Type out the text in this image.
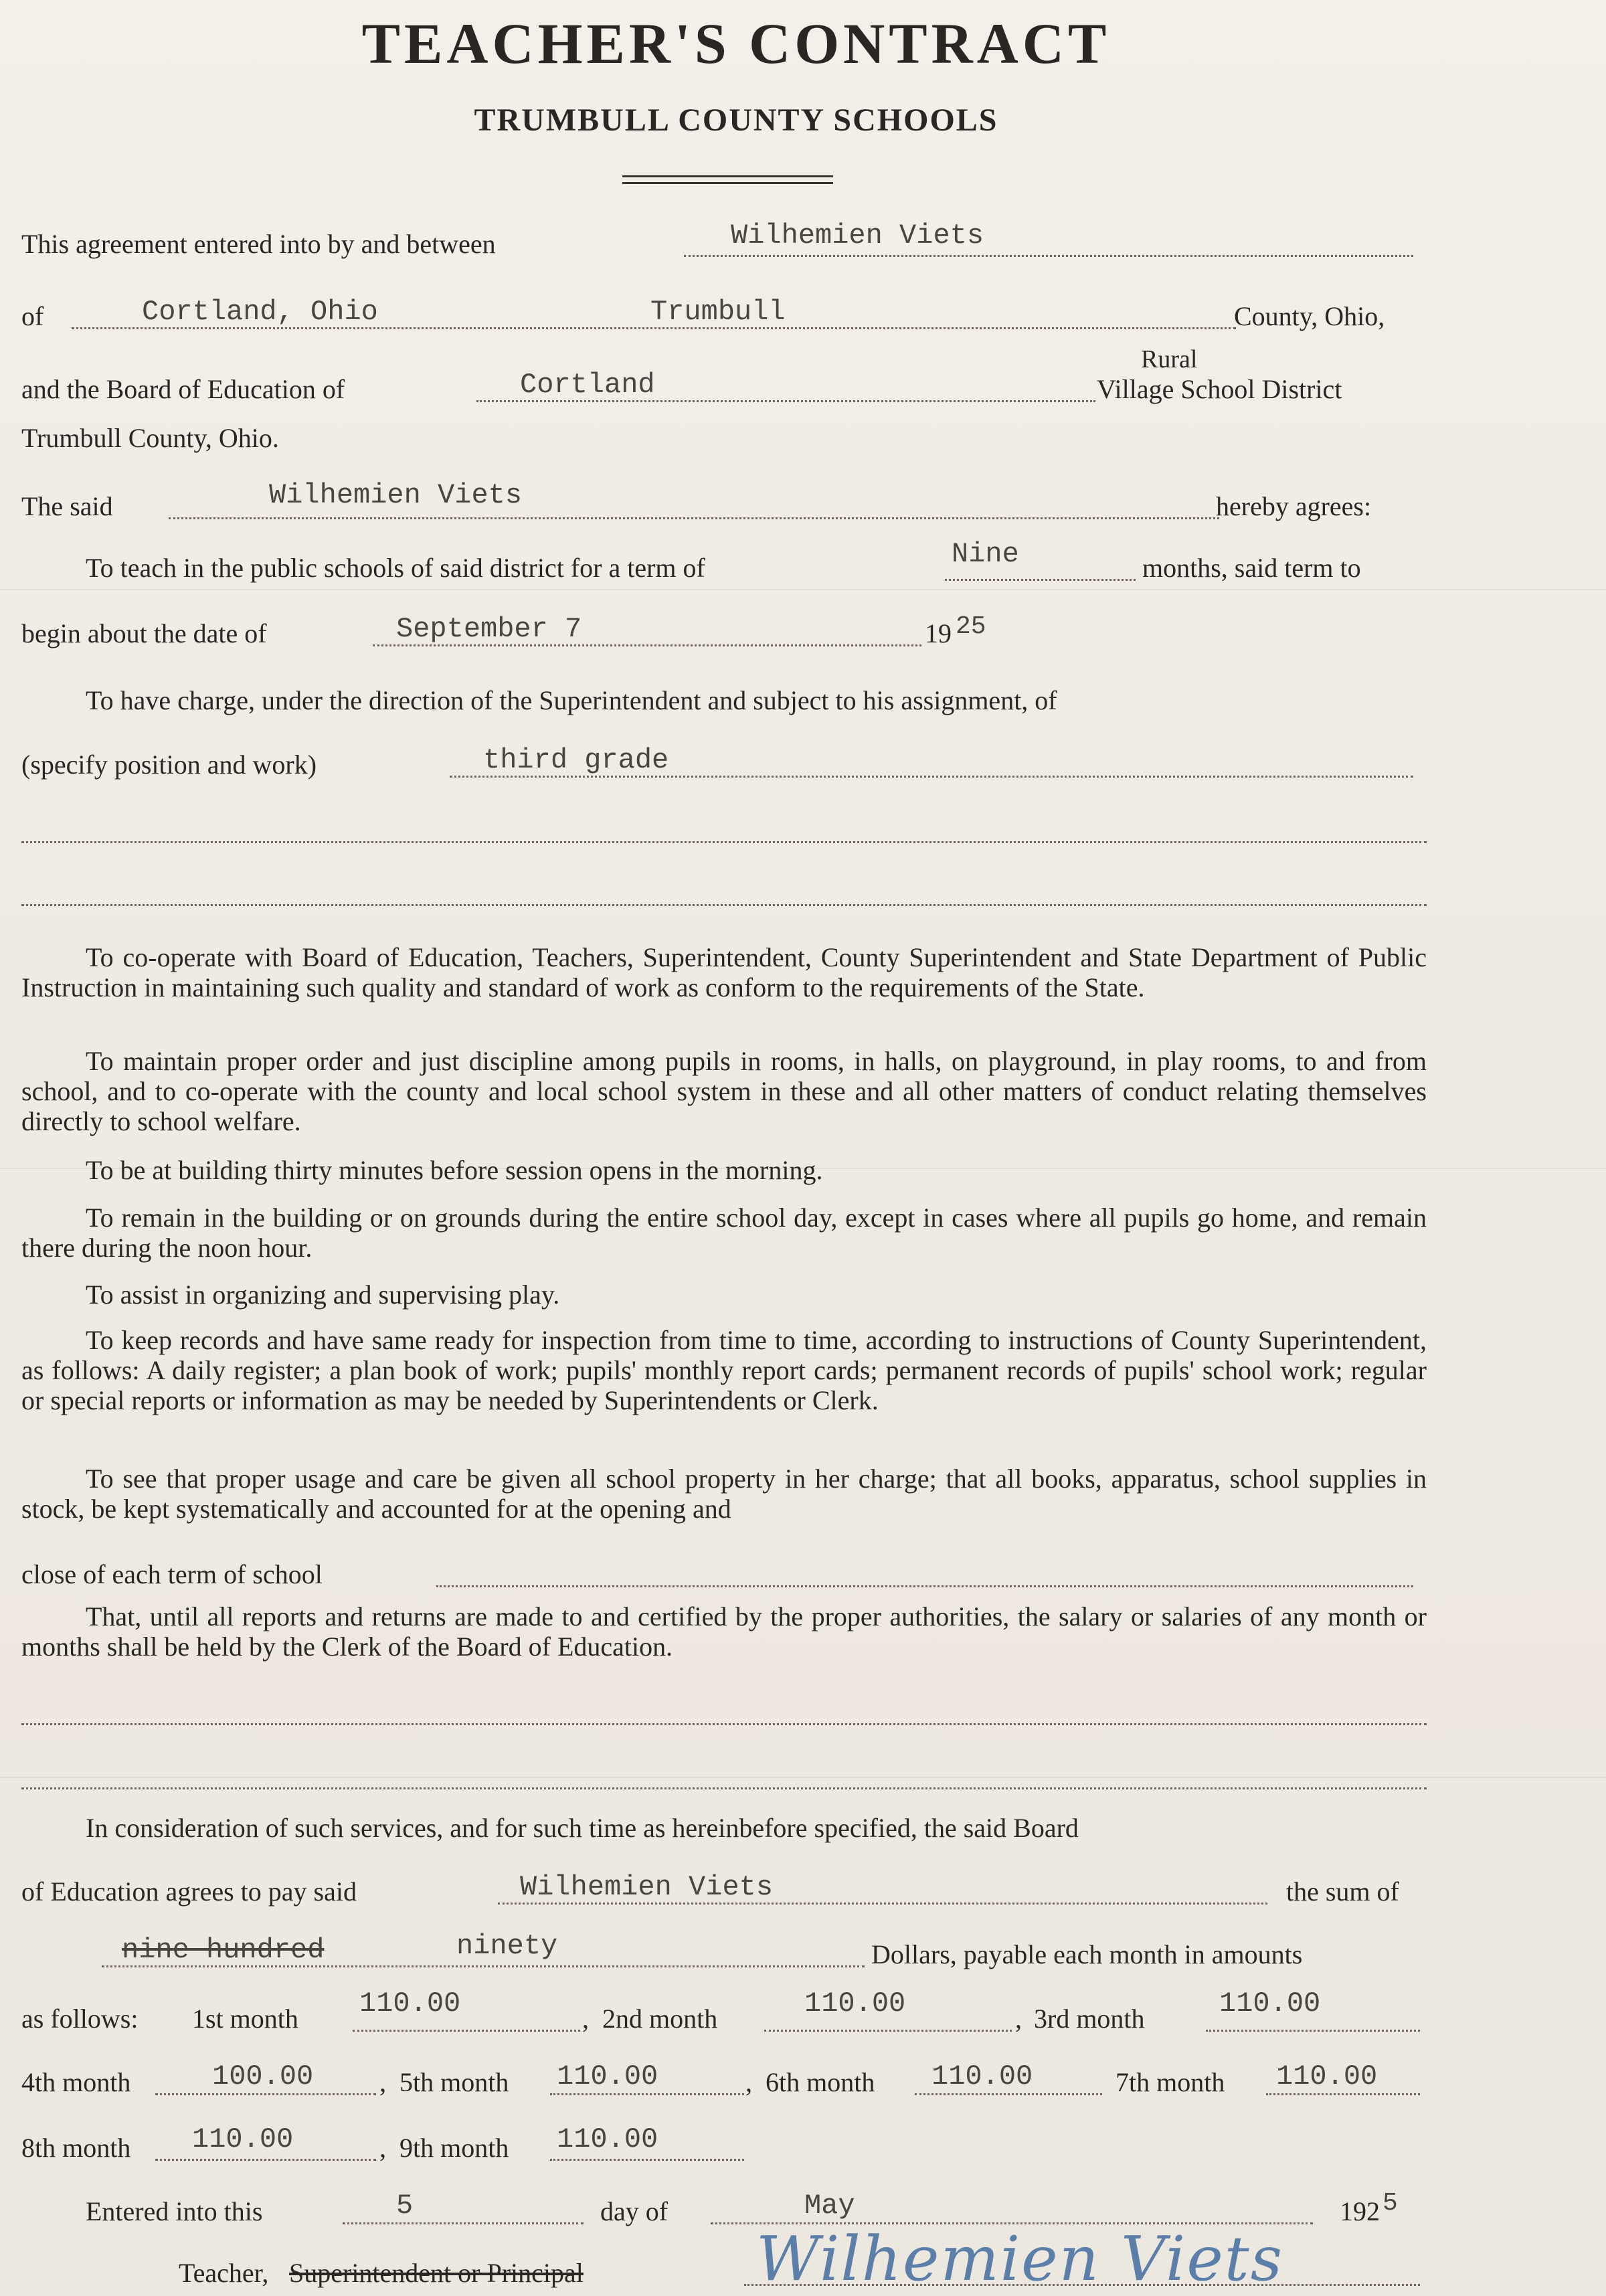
TEACHER'S CONTRACT
TRUMBULL COUNTY SCHOOLS
This agreement entered into by and between	Wilhemien Viets
of	Cortland, Ohio	Trumbull	County, Ohio,
Rural
and the Board of Education of	Cortland	Village School District
Trumbull County, Ohio.
The said	Wilhemien Viets	hereby agrees:
To teach in the public schools of said district for a term of	Nine	months, said term to
begin about the date of	September 7	19 25
To have charge, under the direction of the Superintendent and subject to his assignment, of
(specify position and work)	third grade
To co-operate with Board of Education, Teachers, Superintendent, County Superintendent and State Department of Public Instruction in maintaining such quality and standard of work as conform to the requirements of the State.
To maintain proper order and just discipline among pupils in rooms, in halls, on playground, in play rooms, to and from school, and to co-operate with the county and local school system in these and all other matters of conduct relating themselves directly to school welfare.
To be at building thirty minutes before session opens in the morning.
To remain in the building or on grounds during the entire school day, except in cases where all pupils go home, and remain there during the noon hour.
To assist in organizing and supervising play.
To keep records and have same ready for inspection from time to time, according to instructions of County Superintendent, as follows: A daily register; a plan book of work; pupils' monthly report cards; permanent records of pupils' school work; regular or special reports or information as may be needed by Superintendents or Clerk.
To see that proper usage and care be given all school property in her charge; that all books, apparatus, school supplies in stock, be kept systematically and accounted for at the opening and
close of each term of school
That, until all reports and returns are made to and certified by the proper authorities, the salary or salaries of any month or months shall be held by the Clerk of the Board of Education.
In consideration of such services, and for such time as hereinbefore specified, the said Board
of Education agrees to pay said	Wilhemien Viets	the sum of
nine hundred	ninety	Dollars, payable each month in amounts
as follows: 1st month 110.00	, 2nd month	110.00	, 3rd month	110.00
4th month	100.00 , 5th month 110.00	, 6th month 110.00	7th month 110.00
8th month 110.00	, 9th month 110.00
Entered into this	5	day of	May	192 5
Teacher, Superintendent or Principal	Wilhemien Viets
